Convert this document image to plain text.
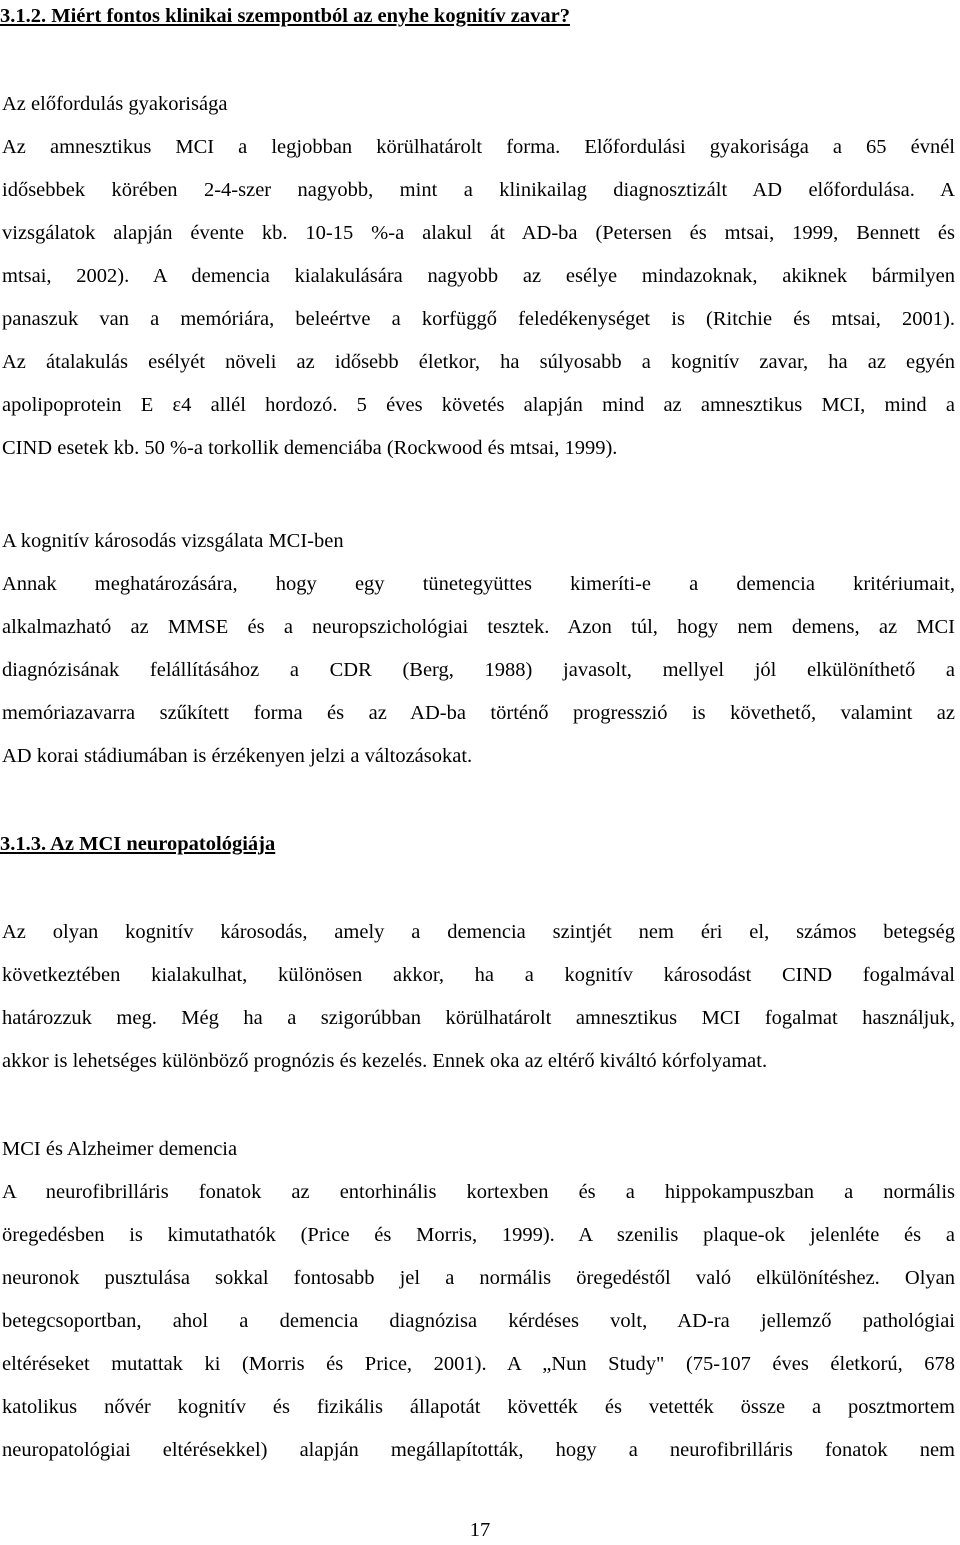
3.1.2. Miért fontos klinikai szempontból az enyhe kognitív zavar?
Az előfordulás gyakorisága
Az amnesztikus MCI a legjobban körülhatárolt forma. Előfordulási gyakorisága a 65 évnél
idősebbek körében 2-4-szer nagyobb, mint a klinikailag diagnosztizált AD előfordulása. A
vizsgálatok alapján évente kb. 10-15 %-a alakul át AD-ba (Petersen és mtsai, 1999, Bennett és
mtsai, 2002). A demencia kialakulására nagyobb az esélye mindazoknak, akiknek bármilyen
panaszuk van a memóriára, beleértve a korfüggő feledékenységet is (Ritchie és mtsai, 2001).
Az átalakulás esélyét növeli az idősebb életkor, ha súlyosabb a kognitív zavar, ha az egyén
apolipoprotein E ε4 allél hordozó. 5 éves követés alapján mind az amnesztikus MCI, mind a
CIND esetek kb. 50 %-a torkollik demenciába (Rockwood és mtsai, 1999).
A kognitív károsodás vizsgálata MCI-ben
Annak meghatározására, hogy egy tünetegyüttes kimeríti-e a demencia kritériumait,
alkalmazható az MMSE és a neuropszichológiai tesztek. Azon túl, hogy nem demens, az MCI
diagnózisának felállításához a CDR (Berg, 1988) javasolt, mellyel jól elkülöníthető a
memóriazavarra szűkített forma és az AD-ba történő progresszió is követhető, valamint az
AD korai stádiumában is érzékenyen jelzi a változásokat.
3.1.3. Az MCI neuropatológiája
Az olyan kognitív károsodás, amely a demencia szintjét nem éri el, számos betegség
következtében kialakulhat, különösen akkor, ha a kognitív károsodást CIND fogalmával
határozzuk meg. Még ha a szigorúbban körülhatárolt amnesztikus MCI fogalmat használjuk,
akkor is lehetséges különböző prognózis és kezelés. Ennek oka az eltérő kiváltó kórfolyamat.
MCI és Alzheimer demencia
A neurofibrilláris fonatok az entorhinális kortexben és a hippokampuszban a normális
öregedésben is kimutathatók (Price és Morris, 1999). A szenilis plaque-ok jelenléte és a
neuronok pusztulása sokkal fontosabb jel a normális öregedéstől való elkülönítéshez. Olyan
betegcsoportban, ahol a demencia diagnózisa kérdéses volt, AD-ra jellemző pathológiai
eltéréseket mutattak ki (Morris és Price, 2001). A „Nun Study" (75-107 éves életkorú, 678
katolikus nővér kognitív és fizikális állapotát követték és vetették össze a posztmortem
neuropatológiai eltérésekkel) alapján megállapították, hogy a neurofibrilláris fonatok nem
17
